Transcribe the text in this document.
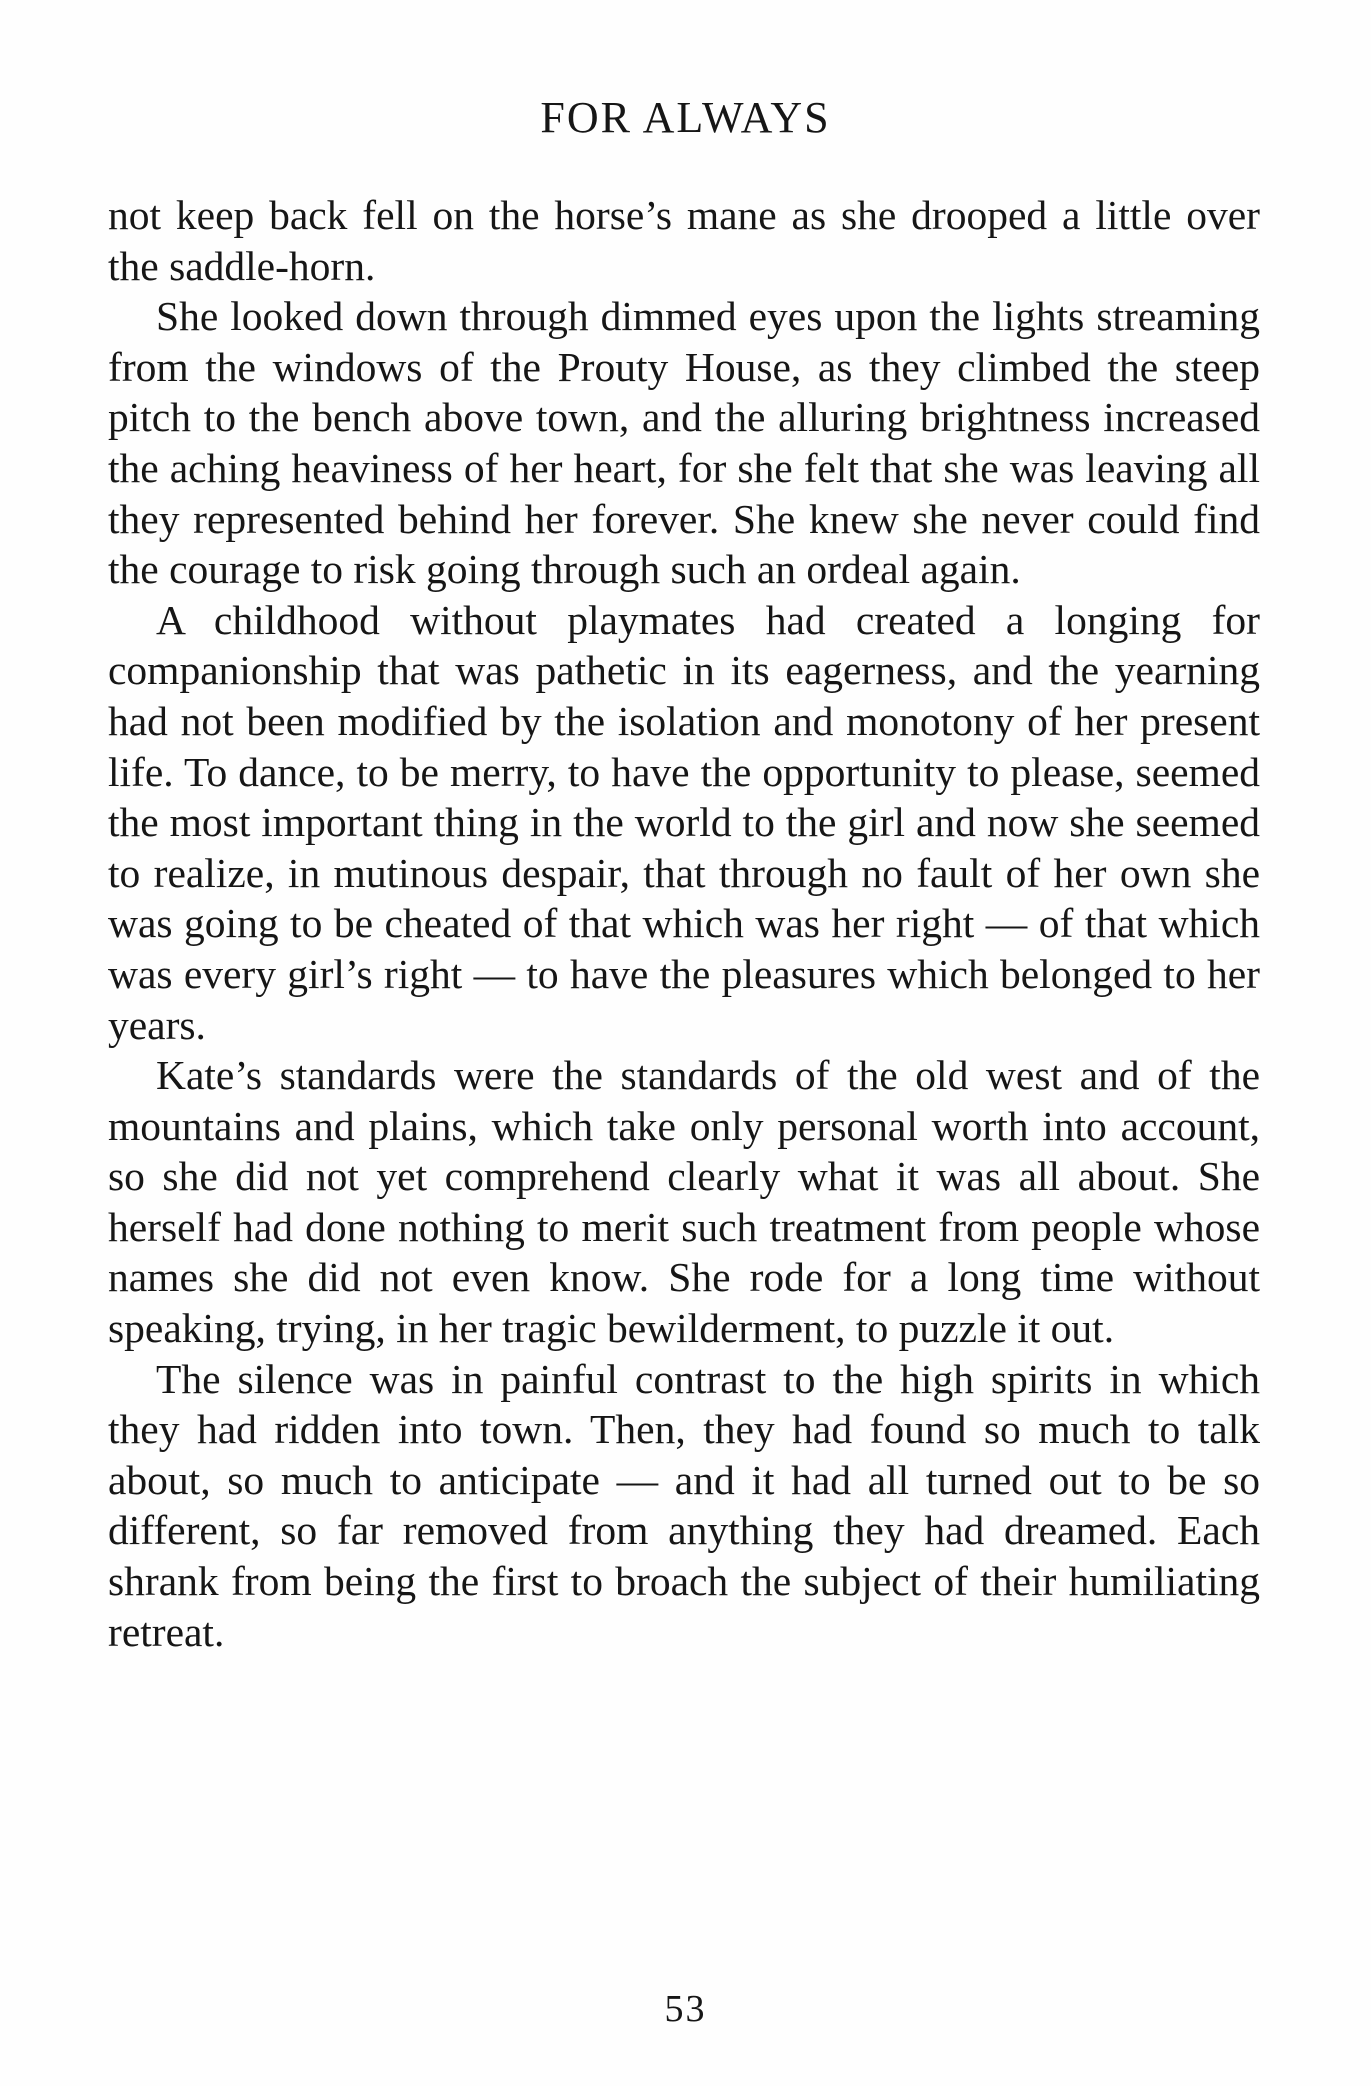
FOR ALWAYS

not keep back fell on the horse’s mane as she drooped a little over the saddle-horn.

She looked down through dimmed eyes upon the lights streaming from the windows of the Prouty House, as they climbed the steep pitch to the bench above town, and the alluring brightness increased the aching heaviness of her heart, for she felt that she was leaving all they represented behind her forever. She knew she never could find the courage to risk going through such an ordeal again.

A childhood without playmates had created a longing for companionship that was pathetic in its eagerness, and the yearning had not been modified by the isolation and monotony of her present life. To dance, to be merry, to have the opportunity to please, seemed the most important thing in the world to the girl and now she seemed to realize, in mutinous despair, that through no fault of her own she was going to be cheated of that which was her right — of that which was every girl’s right — to have the pleasures which belonged to her years.

Kate’s standards were the standards of the old west and of the mountains and plains, which take only personal worth into account, so she did not yet comprehend clearly what it was all about. She herself had done nothing to merit such treatment from people whose names she did not even know. She rode for a long time without speaking, trying, in her tragic bewilderment, to puzzle it out.

The silence was in painful contrast to the high spirits in which they had ridden into town. Then, they had found so much to talk about, so much to anticipate — and it had all turned out to be so different, so far removed from anything they had dreamed. Each shrank from being the first to broach the subject of their humiliating retreat.

53
